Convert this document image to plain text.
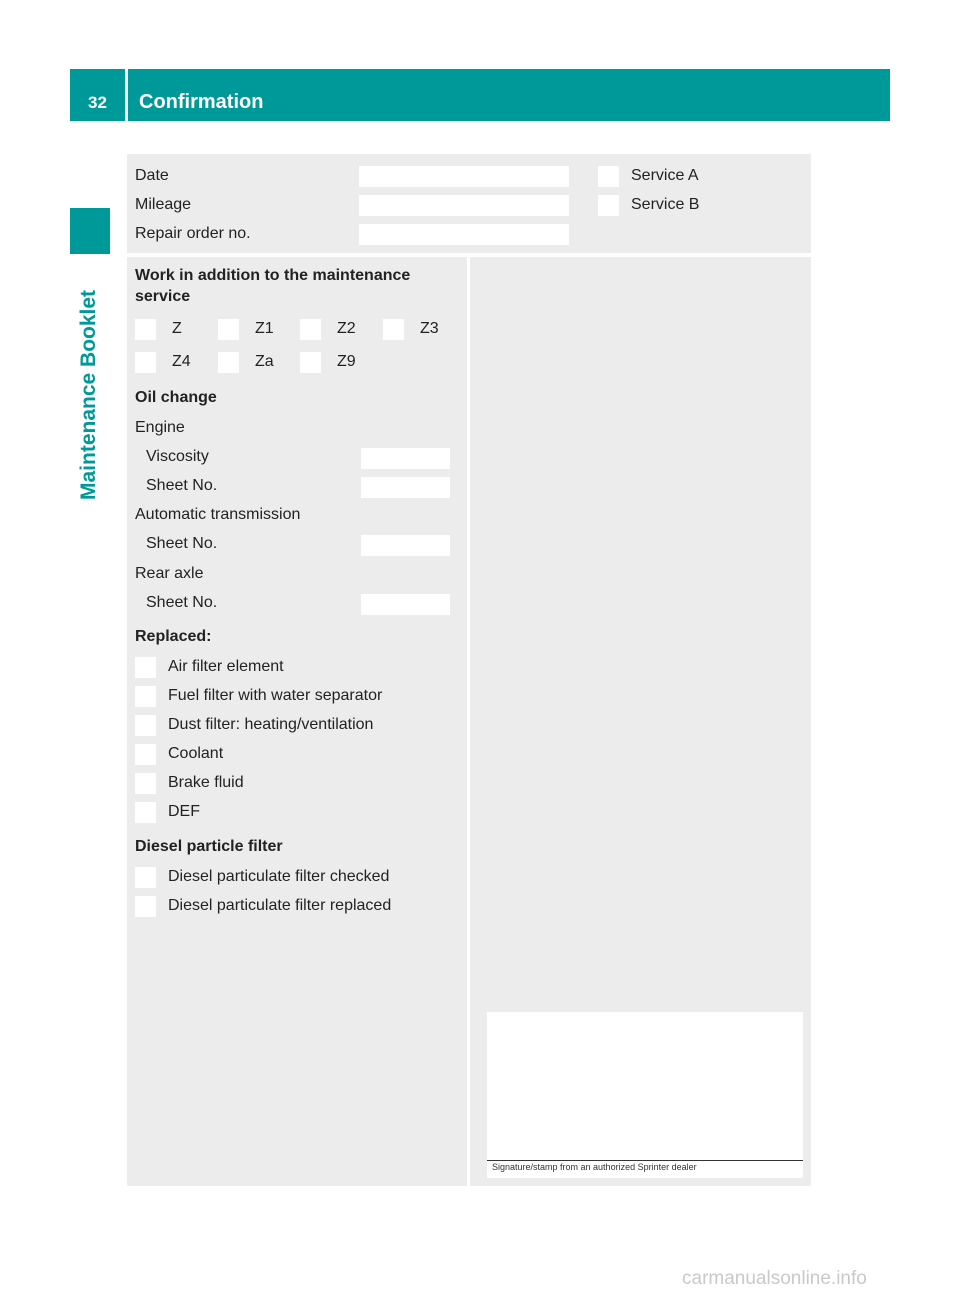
32	Confirmation
Maintenance Booklet
Date
Mileage
Repair order no.
Service A
Service B
Work in addition to the maintenance
service
Z	Z1	Z2	Z3
Z4	Za	Z9
Oil change
Engine
Viscosity
Sheet No.
Automatic transmission
Sheet No.
Rear axle
Sheet No.
Replaced:
Air filter element
Fuel filter with water separator
Dust filter: heating/ventilation
Coolant
Brake fluid
DEF
Diesel particle filter
Diesel particulate filter checked
Diesel particulate filter replaced
Signature/stamp from an authorized Sprinter dealer
carmanualsonline.info
